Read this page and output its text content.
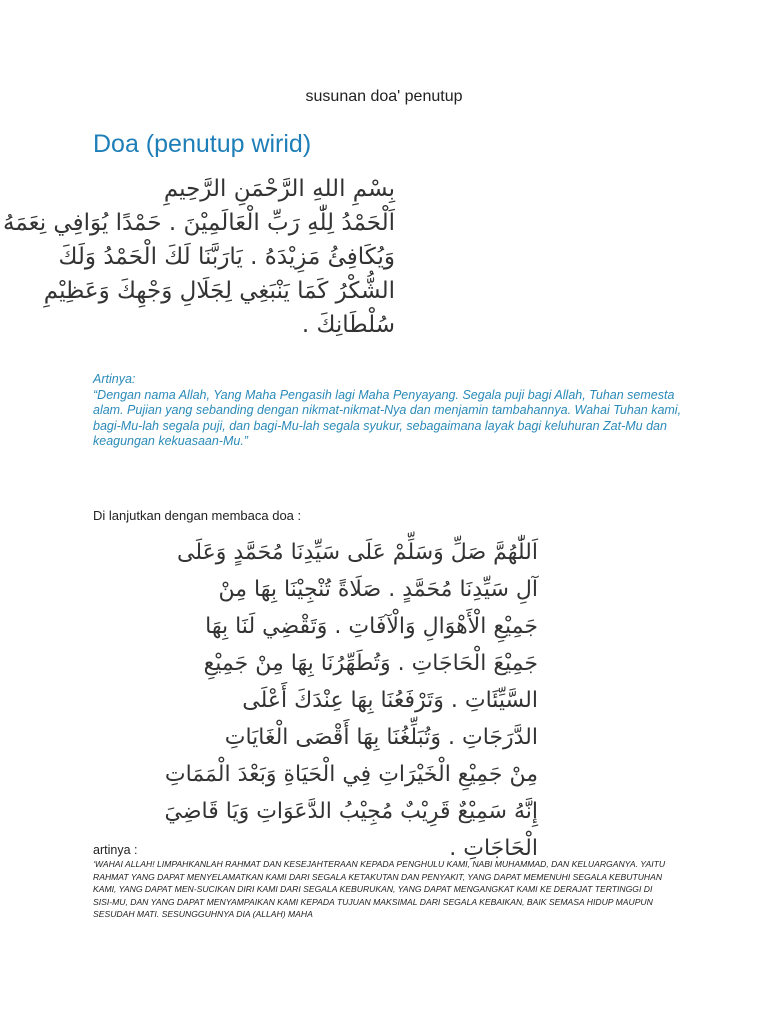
susunan doa' penutup
Doa (penutup wirid)
بِسْمِ اللهِ الرَّحْمَنِ الرَّحِيمِ
اَلْحَمْدُ لِلّٰهِ رَبِّ الْعَالَمِيْنَ . حَمْدًا يُوَافِي نِعَمَهُ
وَيُكَافِئُ مَزِيْدَهُ . يَارَبَّنَا لَكَ الْحَمْدُ وَلَكَ
الشُّكْرُ كَمَا يَنْبَغِي لِجَلَالِ وَجْهِكَ وَعَظِيْمِ
سُلْطَانِكَ .
Artinya:
“Dengan nama Allah, Yang Maha Pengasih lagi Maha Penyayang. Segala puji bagi Allah, Tuhan semesta alam. Pujian yang sebanding dengan nikmat-nikmat-Nya dan menjamin tambahannya. Wahai Tuhan kami, bagi-Mu-lah segala puji, dan bagi-Mu-lah segala syukur, sebagaimana layak bagi keluhuran Zat-Mu dan keagungan kekuasaan-Mu.”
Di lanjutkan dengan membaca doa :
اَللّٰهُمَّ صَلِّ وَسَلِّمْ عَلَى سَيِّدِنَا مُحَمَّدٍ وَعَلَى
آلِ سَيِّدِنَا مُحَمَّدٍ . صَلَاةً تُنْجِيْنَا بِهَا مِنْ
جَمِيْعِ الْأَهْوَالِ وَالْآفَاتِ . وَتَقْضِي لَنَا بِهَا
جَمِيْعَ الْحَاجَاتِ . وَتُطَهِّرُنَا بِهَا مِنْ جَمِيْعِ
السَّيِّئَاتِ . وَتَرْفَعُنَا بِهَا عِنْدَكَ أَعْلَى
الدَّرَجَاتِ . وَتُبَلِّغُنَا بِهَا أَقْصَى الْغَايَاتِ
مِنْ جَمِيْعِ الْخَيْرَاتِ فِي الْحَيَاةِ وَبَعْدَ الْمَمَاتِ
إِنَّهُ سَمِيْعٌ قَرِيْبٌ مُجِيْبُ الدَّعَوَاتِ وَيَا قَاضِيَ
الْحَاجَاتِ .
artinya :
‘WAHAI ALLAH! LIMPAHKANLAH RAHMAT DAN KESEJAHTERAAN KEPADA PENGHULU KAMI, NABI MUHAMMAD, DAN KELUARGANYA. YAITU RAHMAT YANG DAPAT MENYELAMATKAN KAMI DARI SEGALA KETAKUTAN DAN PENYAKIT, YANG DAPAT MEMENUHI SEGALA KEBUTUHAN KAMI, YANG DAPAT MEN-SUCIKAN DIRI KAMI DARI SEGALA KEBURUKAN, YANG DAPAT MENGANGKAT KAMI KE DERAJAT TERTINGGI DI SISI-MU, DAN YANG DAPAT MENYAMPAIKAN KAMI KEPADA TUJUAN MAKSIMAL DARI SEGALA KEBAIKAN, BAIK SEMASA HIDUP MAUPUN SESUDAH MATI. SESUNGGUHNYA DIA (ALLAH) MAHA
